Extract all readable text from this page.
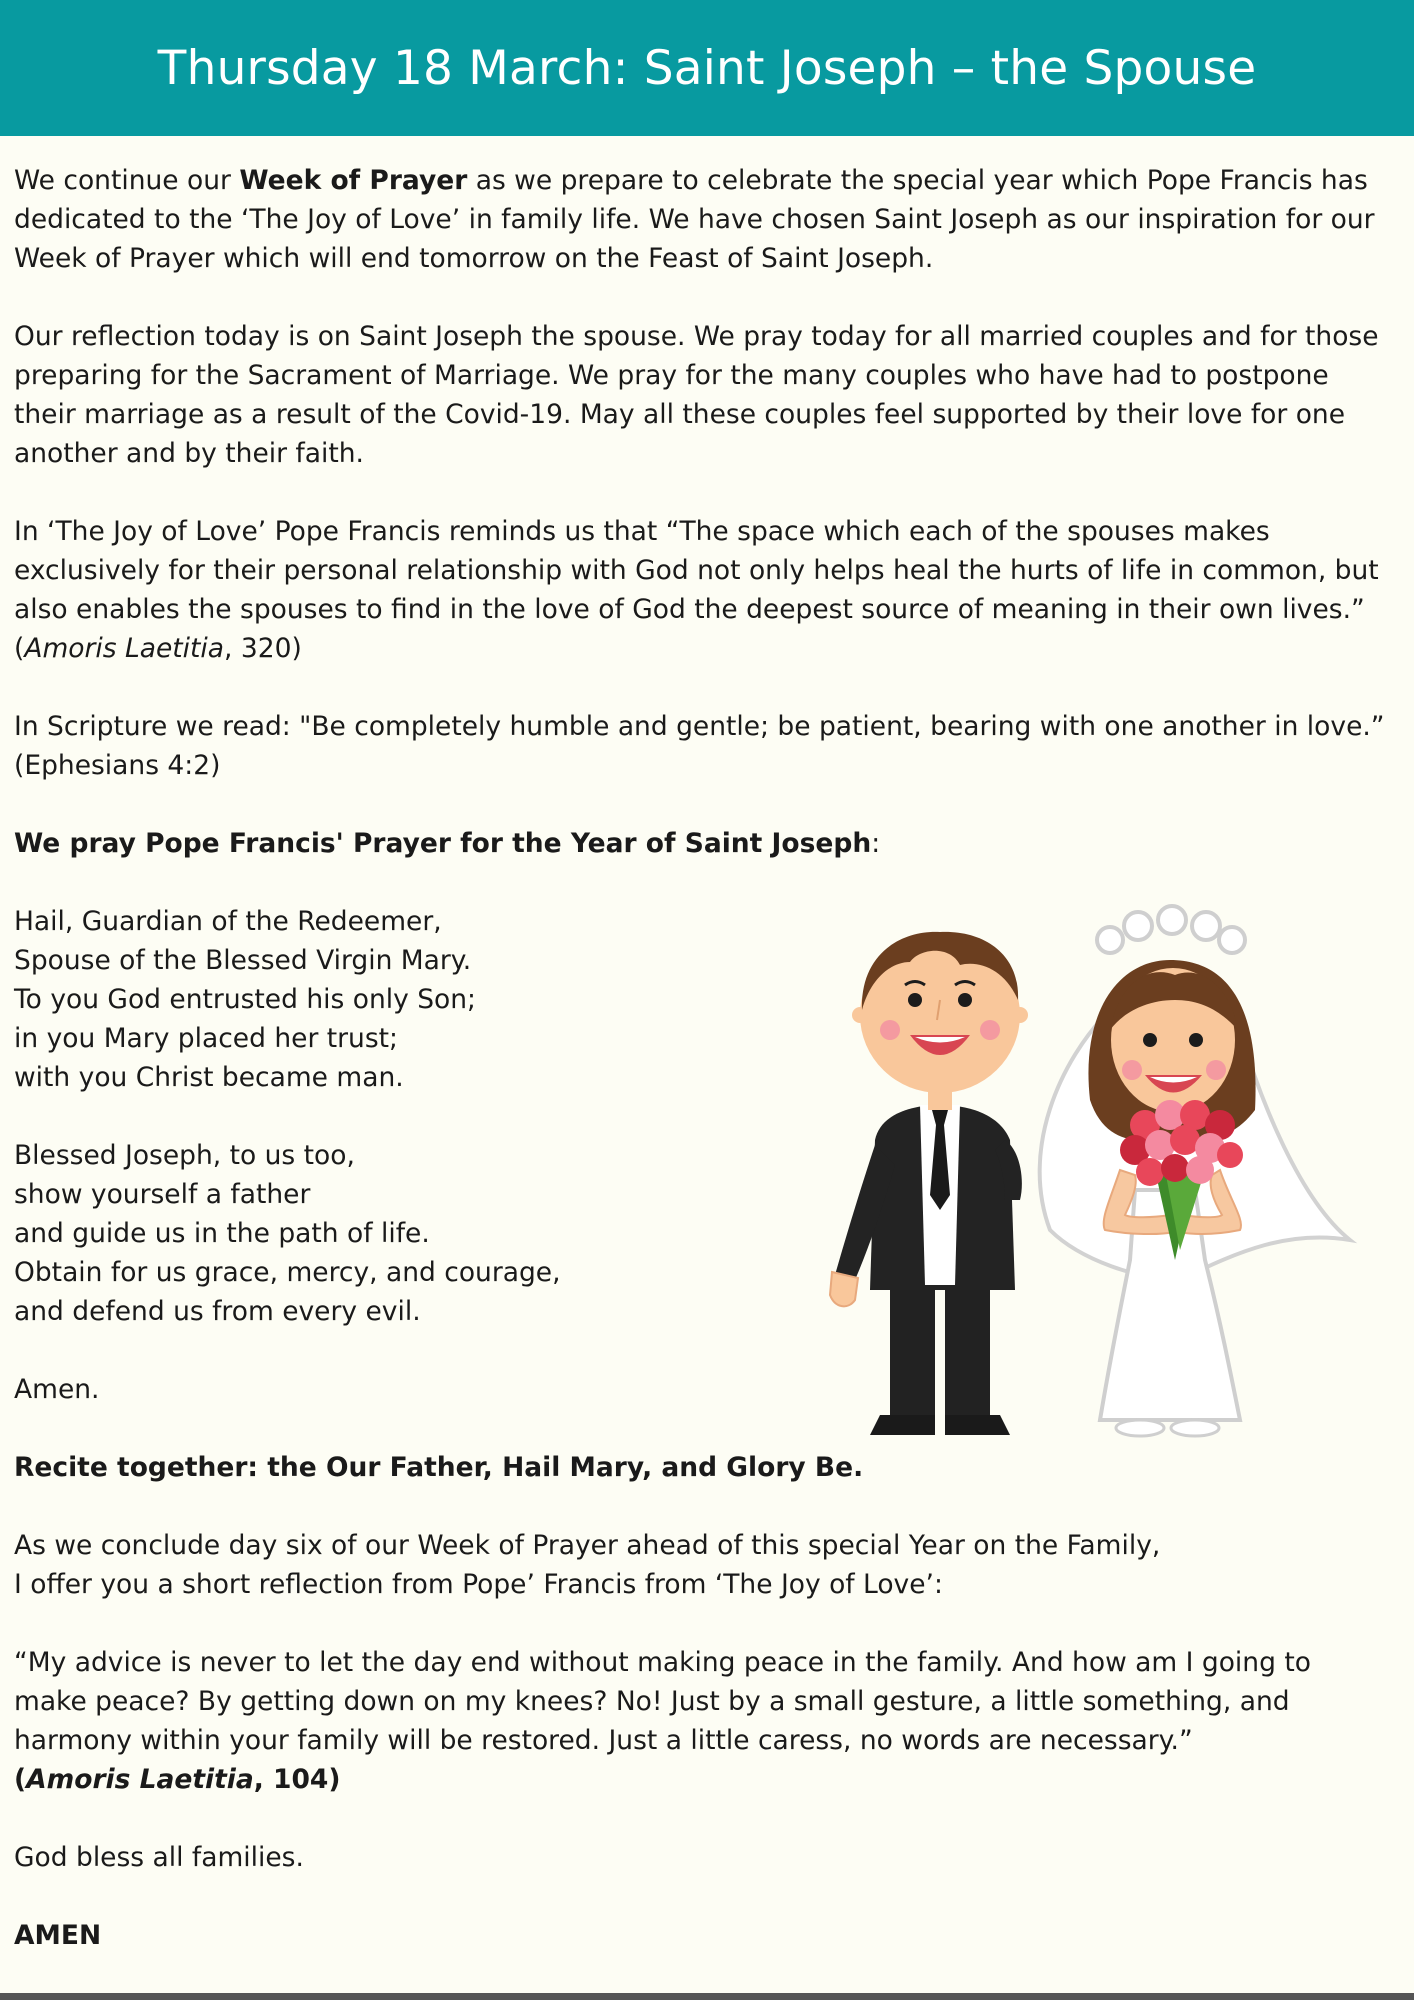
Thursday 18 March: Saint Joseph – the Spouse

We continue our Week of Prayer as we prepare to celebrate the special year which Pope Francis has dedicated to the ‘The Joy of Love’ in family life. We have chosen Saint Joseph as our inspiration for our Week of Prayer which will end tomorrow on the Feast of Saint Joseph.

Our reflection today is on Saint Joseph the spouse. We pray today for all married couples and for those preparing for the Sacrament of Marriage. We pray for the many couples who have had to postpone their marriage as a result of the Covid-19. May all these couples feel supported by their love for one another and by their faith.

In ‘The Joy of Love’ Pope Francis reminds us that “The space which each of the spouses makes exclusively for their personal relationship with God not only helps heal the hurts of life in common, but also enables the spouses to find in the love of God the deepest source of meaning in their own lives.” (Amoris Laetitia, 320)

In Scripture we read: "Be completely humble and gentle; be patient, bearing with one another in love.”
(Ephesians 4:2)

We pray Pope Francis' Prayer for the Year of Saint Joseph:

Hail, Guardian of the Redeemer,
Spouse of the Blessed Virgin Mary.
To you God entrusted his only Son;
in you Mary placed her trust;
with you Christ became man.

Blessed Joseph, to us too,
show yourself a father
and guide us in the path of life.
Obtain for us grace, mercy, and courage,
and defend us from every evil.

Amen.

Recite together: the Our Father, Hail Mary, and Glory Be.

As we conclude day six of our Week of Prayer ahead of this special Year on the Family,
I offer you a short reflection from Pope’ Francis from ‘The Joy of Love’:

“My advice is never to let the day end without making peace in the family. And how am I going to make peace? By getting down on my knees? No! Just by a small gesture, a little something, and harmony within your family will be restored. Just a little caress, no words are necessary.”
(Amoris Laetitia, 104)

God bless all families.

AMEN
